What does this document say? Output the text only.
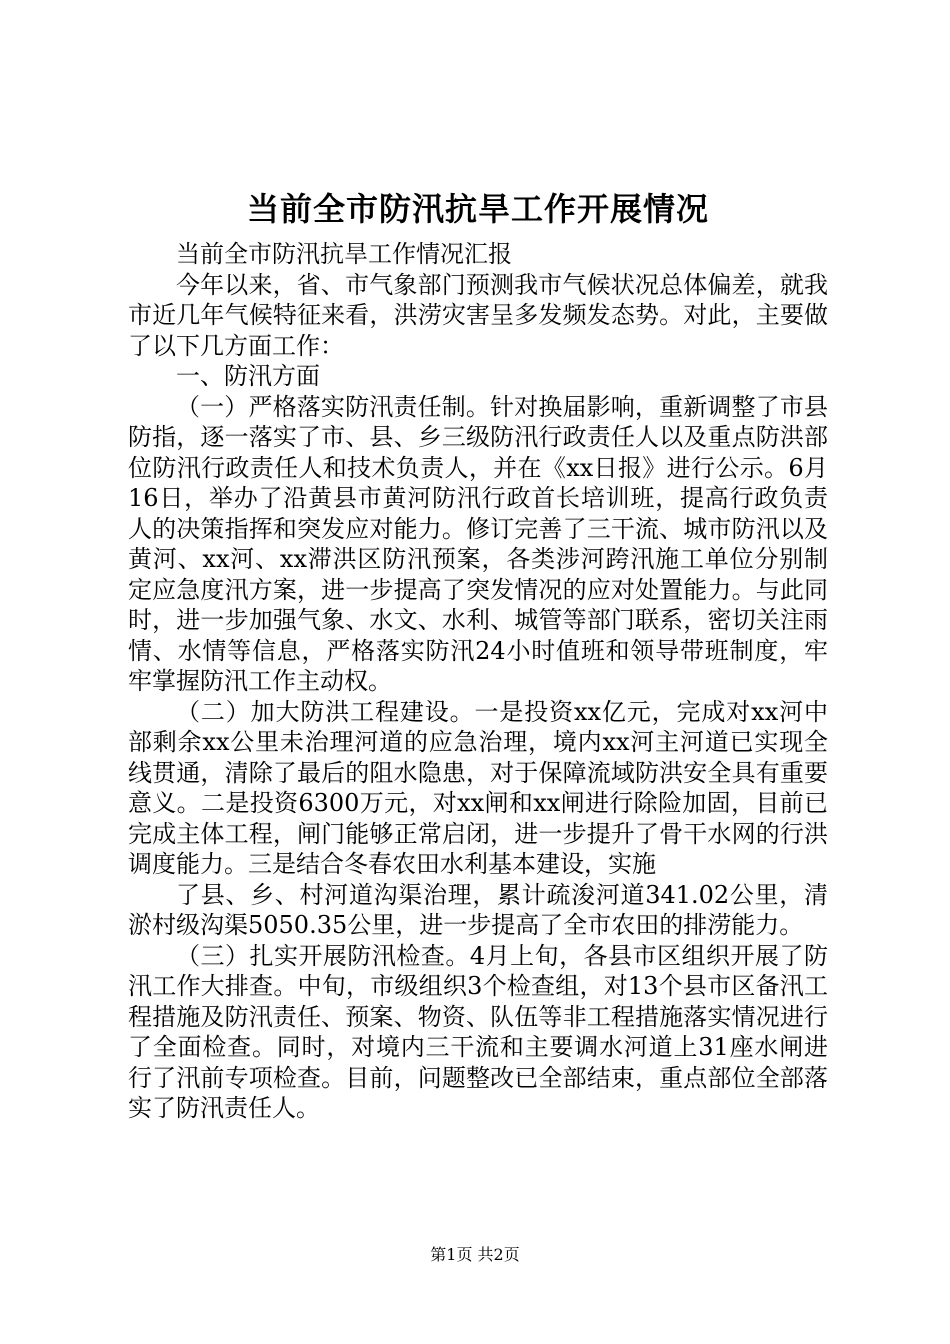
当前全市防汛抗旱工作开展情况

当前全市防汛抗旱工作情况汇报

今年以来，省、市气象部门预测我市气候状况总体偏差，就我市近几年气候特征来看，洪涝灾害呈多发频发态势。对此，主要做了以下几方面工作：

一、防汛方面

（一）严格落实防汛责任制。针对换届影响，重新调整了市县防指，逐一落实了市、县、乡三级防汛行政责任人以及重点防洪部位防汛行政责任人和技术负责人，并在《xx日报》进行公示。6月16日，举办了沿黄县市黄河防汛行政首长培训班，提高行政负责人的决策指挥和突发应对能力。修订完善了三干流、城市防汛以及黄河、xx河、xx滞洪区防汛预案，各类涉河跨汛施工单位分别制定应急度汛方案，进一步提高了突发情况的应对处置能力。与此同时，进一步加强气象、水文、水利、城管等部门联系，密切关注雨情、水情等信息，严格落实防汛24小时值班和领导带班制度，牢牢掌握防汛工作主动权。

（二）加大防洪工程建设。一是投资xx亿元，完成对xx河中部剩余xx公里未治理河道的应急治理，境内xx河主河道已实现全线贯通，清除了最后的阻水隐患，对于保障流域防洪安全具有重要意义。二是投资6300万元，对xx闸和xx闸进行除险加固，目前已完成主体工程，闸门能够正常启闭，进一步提升了骨干水网的行洪调度能力。三是结合冬春农田水利基本建设，实施

了县、乡、村河道沟渠治理，累计疏浚河道341.02公里，清淤村级沟渠5050.35公里，进一步提高了全市农田的排涝能力。

（三）扎实开展防汛检查。4月上旬，各县市区组织开展了防汛工作大排查。中旬，市级组织3个检查组，对13个县市区备汛工程措施及防汛责任、预案、物资、队伍等非工程措施落实情况进行了全面检查。同时，对境内三干流和主要调水河道上31座水闸进行了汛前专项检查。目前，问题整改已全部结束，重点部位全部落实了防汛责任人。

第1页 共2页
